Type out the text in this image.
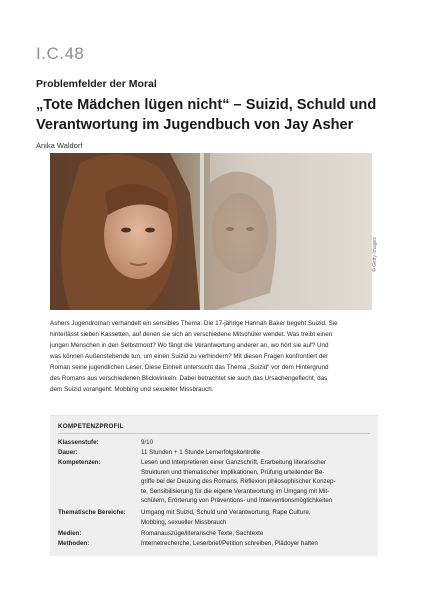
I.C.48
Problemfelder der Moral
„Tote Mädchen lügen nicht“ – Suizid, Schuld und
Verantwortung im Jugendbuch von Jay Asher
Anika Waldorf
© Getty Images
Ashers Jugendroman verhandelt ein sensibles Thema: Die 17-jährige Hannah Baker begeht Suizid. Sie
hinterlässt sieben Kassetten, auf denen sie sich an verschiedene Mitschüler wendet. Was treibt einen
jungen Menschen in den Selbstmord? Wo fängt die Verantwortung anderer an, wo hört sie auf? Und
was können Außenstehende tun, um einen Suizid zu verhindern? Mit diesen Fragen konfrontiert der
Roman seine jugendlichen Leser. Diese Einheit untersucht das Thema „Suizid“ vor dem Hintergrund
des Romans aus verschiedenen Blickwinkeln. Dabei betrachtet sie auch das Ursachengeflecht, das
dem Suizid vorangeht: Mobbing und sexueller Missbrauch.
KOMPETENZPROFIL
Klassenstufe:	9/10
Dauer:	11 Stunden + 1 Stunde Lernerfolgskontrolle
Kompetenzen:	Lesen und Interpretieren einer Ganzschrift, Erarbeitung literarischer
Strukturen und thematischer Implikationen, Prüfung urteilender Be-
griffe bei der Deutung des Romans, Reflexion philosophischer Konzep-
te, Sensibilisierung für die eigene Verantwortung im Umgang mit Mit-
schülern, Erörterung von Präventions- und Interventionsmöglichkeiten
Thematische Bereiche: Umgang mit Suizid, Schuld und Verantwortung, Rape Culture,
Mobbing, sexueller Missbrauch
Medien:	Romanauszüge/literarische Texte, Sachtexte
Methoden:	Internetrecherche, Leserbrief/Petition schreiben, Plädoyer halten
